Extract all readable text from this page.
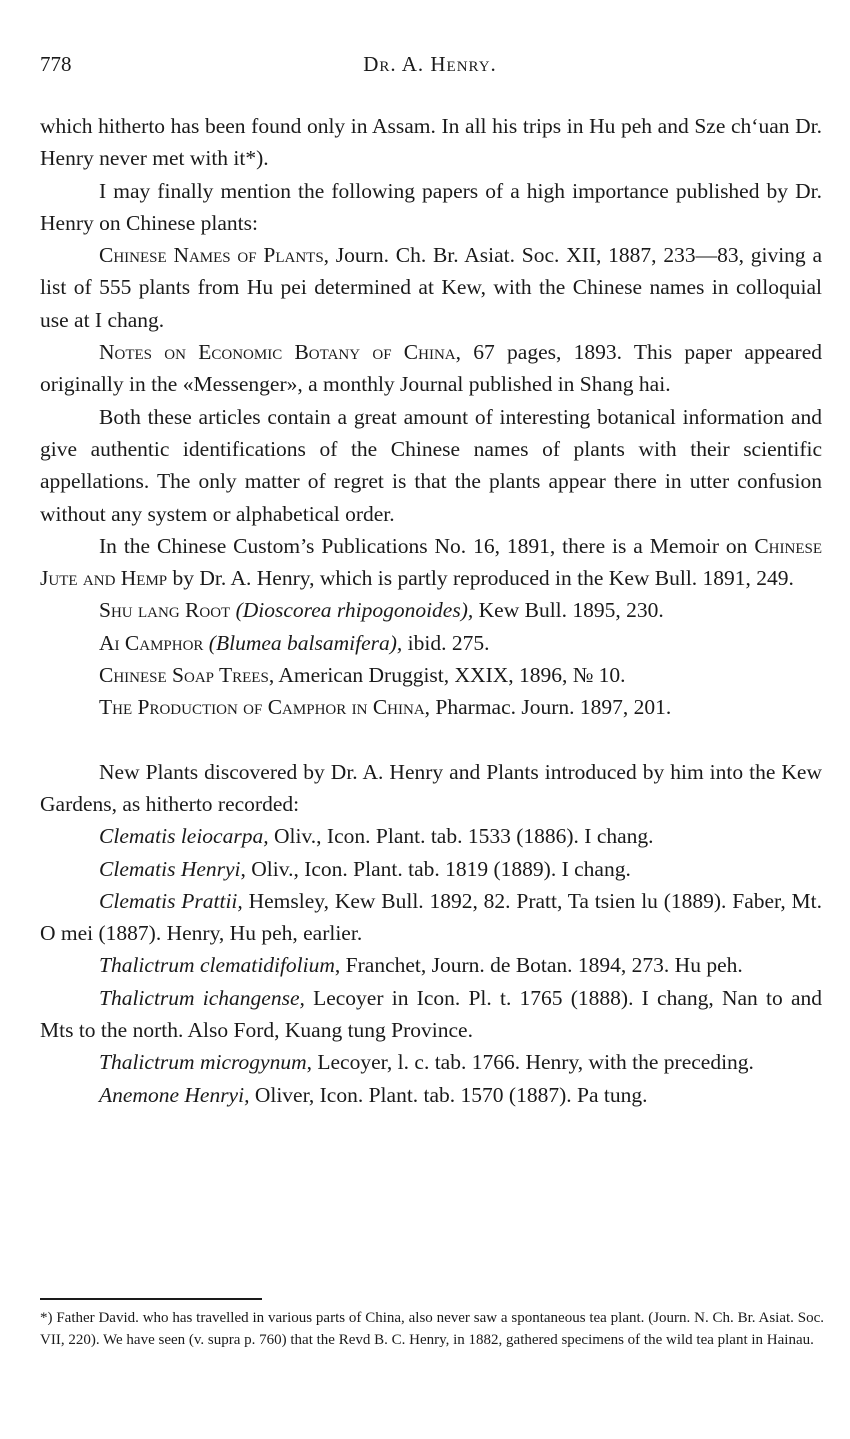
778	Dr. A. Henry.

which hitherto has been found only in Assam. In all his trips in Hu peh and Sze ch‘uan Dr. Henry never met with it*).

I may finally mention the following papers of a high importance published by Dr. Henry on Chinese plants:

Chinese Names of Plants, Journ. Ch. Br. Asiat. Soc. XII, 1887, 233—83, giving a list of 555 plants from Hu pei determined at Kew, with the Chinese names in colloquial use at I chang.

Notes on Economic Botany of China, 67 pages, 1893. This paper appeared originally in the «Messenger», a monthly Journal published in Shang hai.

Both these articles contain a great amount of interesting botanical information and give authentic identifications of the Chinese names of plants with their scientific appellations. The only matter of regret is that the plants appear there in utter confusion without any system or alphabetical order.

In the Chinese Custom’s Publications No. 16, 1891, there is a Memoir on Chinese Jute and Hemp by Dr. A. Henry, which is partly reproduced in the Kew Bull. 1891, 249.

Shu lang Root (Dioscorea rhipogonoides), Kew Bull. 1895, 230.

Ai Camphor (Blumea balsamifera), ibid. 275.

Chinese Soap Trees, American Druggist, XXIX, 1896, № 10.

The Production of Camphor in China, Pharmac. Journ. 1897, 201.

New Plants discovered by Dr. A. Henry and Plants introduced by him into the Kew Gardens, as hitherto recorded:

Clematis leiocarpa, Oliv., Icon. Plant. tab. 1533 (1886). I chang.

Clematis Henryi, Oliv., Icon. Plant. tab. 1819 (1889). I chang.

Clematis Prattii, Hemsley, Kew Bull. 1892, 82. Pratt, Ta tsien lu (1889). Faber, Mt. O mei (1887). Henry, Hu peh, earlier.

Thalictrum clematidifolium, Franchet, Journ. de Botan. 1894, 273. Hu peh.

Thalictrum ichangense, Lecoyer in Icon. Pl. t. 1765 (1888). I chang, Nan to and Mts to the north. Also Ford, Kuang tung Province.

Thalictrum microgynum, Lecoyer, l. c. tab. 1766. Henry, with the preceding.

Anemone Henryi, Oliver, Icon. Plant. tab. 1570 (1887). Pa tung.

*) Father David. who has travelled in various parts of China, also never saw a spontaneous tea plant. (Journ. N. Ch. Br. Asiat. Soc. VII, 220). We have seen (v. supra p. 760) that the Revd B. C. Henry, in 1882, gathered specimens of the wild tea plant in Hainau.
